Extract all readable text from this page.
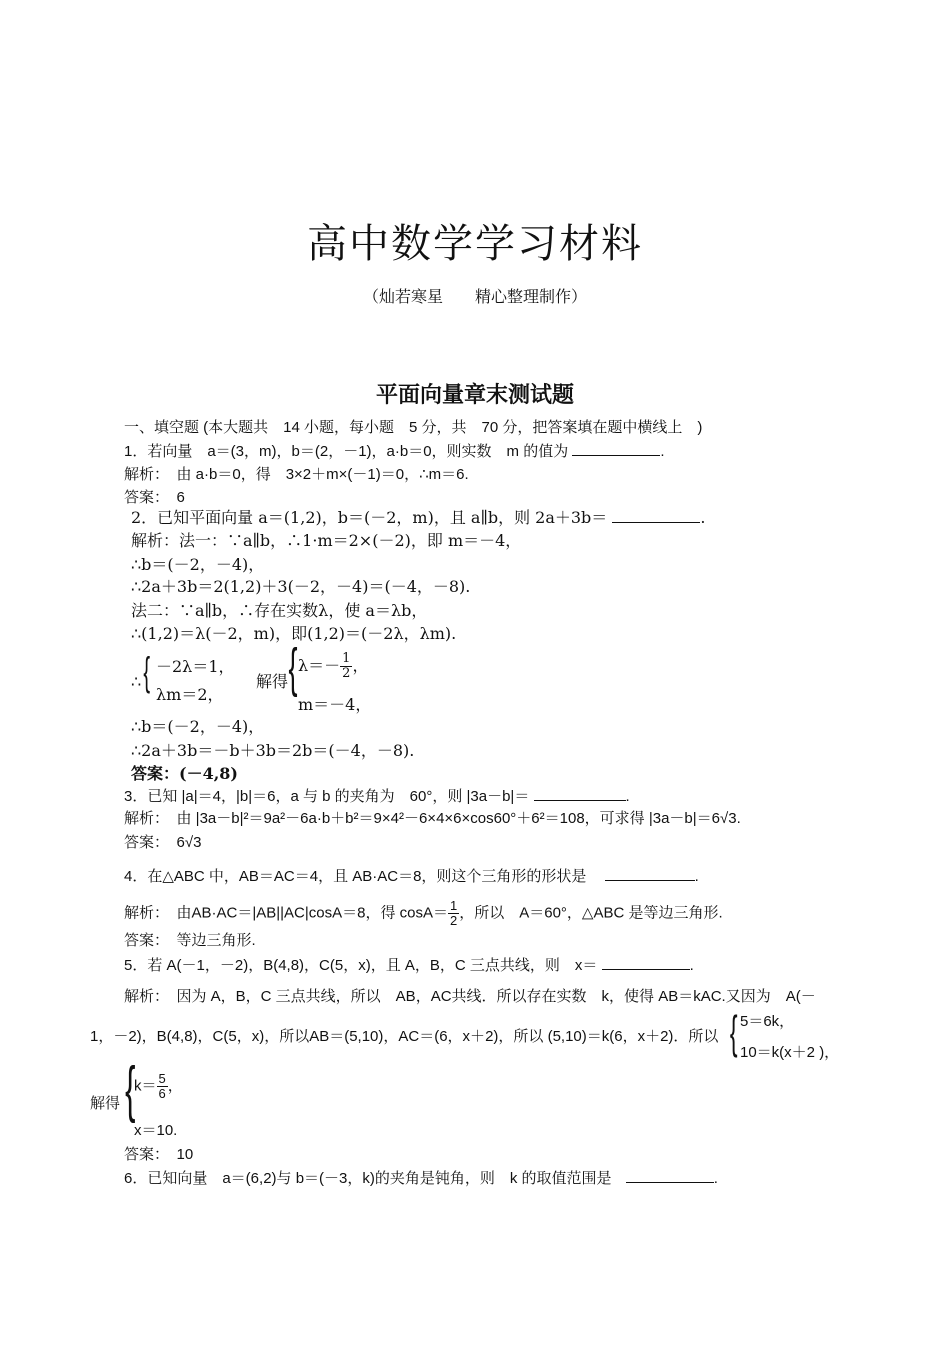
高中数学学习材料
（灿若寒星　　精心整理制作）
平面向量章末测试题
一、填空题 (本大题共　14 小题，每小题　5 分，共　70 分，把答案填在题中横线上　)
1．若向量　a＝(3，m)，b＝(2，－1)，a·b＝0，则实数　m 的值为	.
解析：　由 a·b＝0，得　3×2＋m×(－1)＝0，∴m＝6.
答案：　6
2．已知平面向量 a＝(1,2)，b＝(－2，m)，且 a∥b，则 2a＋3b＝	.
解析：法一：∵a∥b，∴1·m＝2×(－2)，即 m＝－4，
∴b＝(－2，－4)，
∴2a＋3b＝2(1,2)＋3(－2，－4)＝(－4，－8).
法二：∵a∥b，∴存在实数λ，使 a＝λb，
∴(1,2)＝λ(－2，m)，即(1,2)＝(－2λ，λm).
∴ { －2λ＝1，
λm＝2，
解得 { $\lambda=- \frac{1}{2}$ ，
m＝－4，
∴b＝(－2，－4)，
∴2a＋3b＝－b＋3b＝2b＝(－4，－8).
答案：(－4,8)
3．已知 |a|＝4，|b|＝6，a 与 b 的夹角为　60°，则 |3a－b|＝	.
解析：　由 |3a－b|²＝9a²－6a·b＋b²＝9×4²－6×4×6×cos60°＋6²＝108，可求得 |3a－b|＝6√3.
答案：　6√3
4．在△ABC 中，AB＝AC＝4，且 AB·AC＝8，则这个三角形的形状是	.
解析：　由AB·AC＝|AB||AC|cosA＝8，得 $\cos A= \frac{1}{2}$ ，所以　A＝60°，△ABC 是等边三角形.
答案：　等边三角形.
5．若 A(－1，－2)，B(4,8)，C(5，x)，且 A，B，C 三点共线，则　x＝	.
解析：　因为 A，B，C 三点共线，所以　AB，AC共线．所以存在实数　k，使得 AB＝kAC.又因为　A(－
1，－2)，B(4,8)，C(5，x)，所以AB＝(5,10)，AC＝(6，x＋2)，所以 (5,10)＝k(6，x＋2)．所以 { 5＝6k，
10＝k(x＋2 )，
解得 {
$k= \frac{5}{6}$ ，
x＝10.
答案：　10
6．已知向量　a＝(6,2)与 b＝(－3，k)的夹角是钝角，则　k 的取值范围是	.
